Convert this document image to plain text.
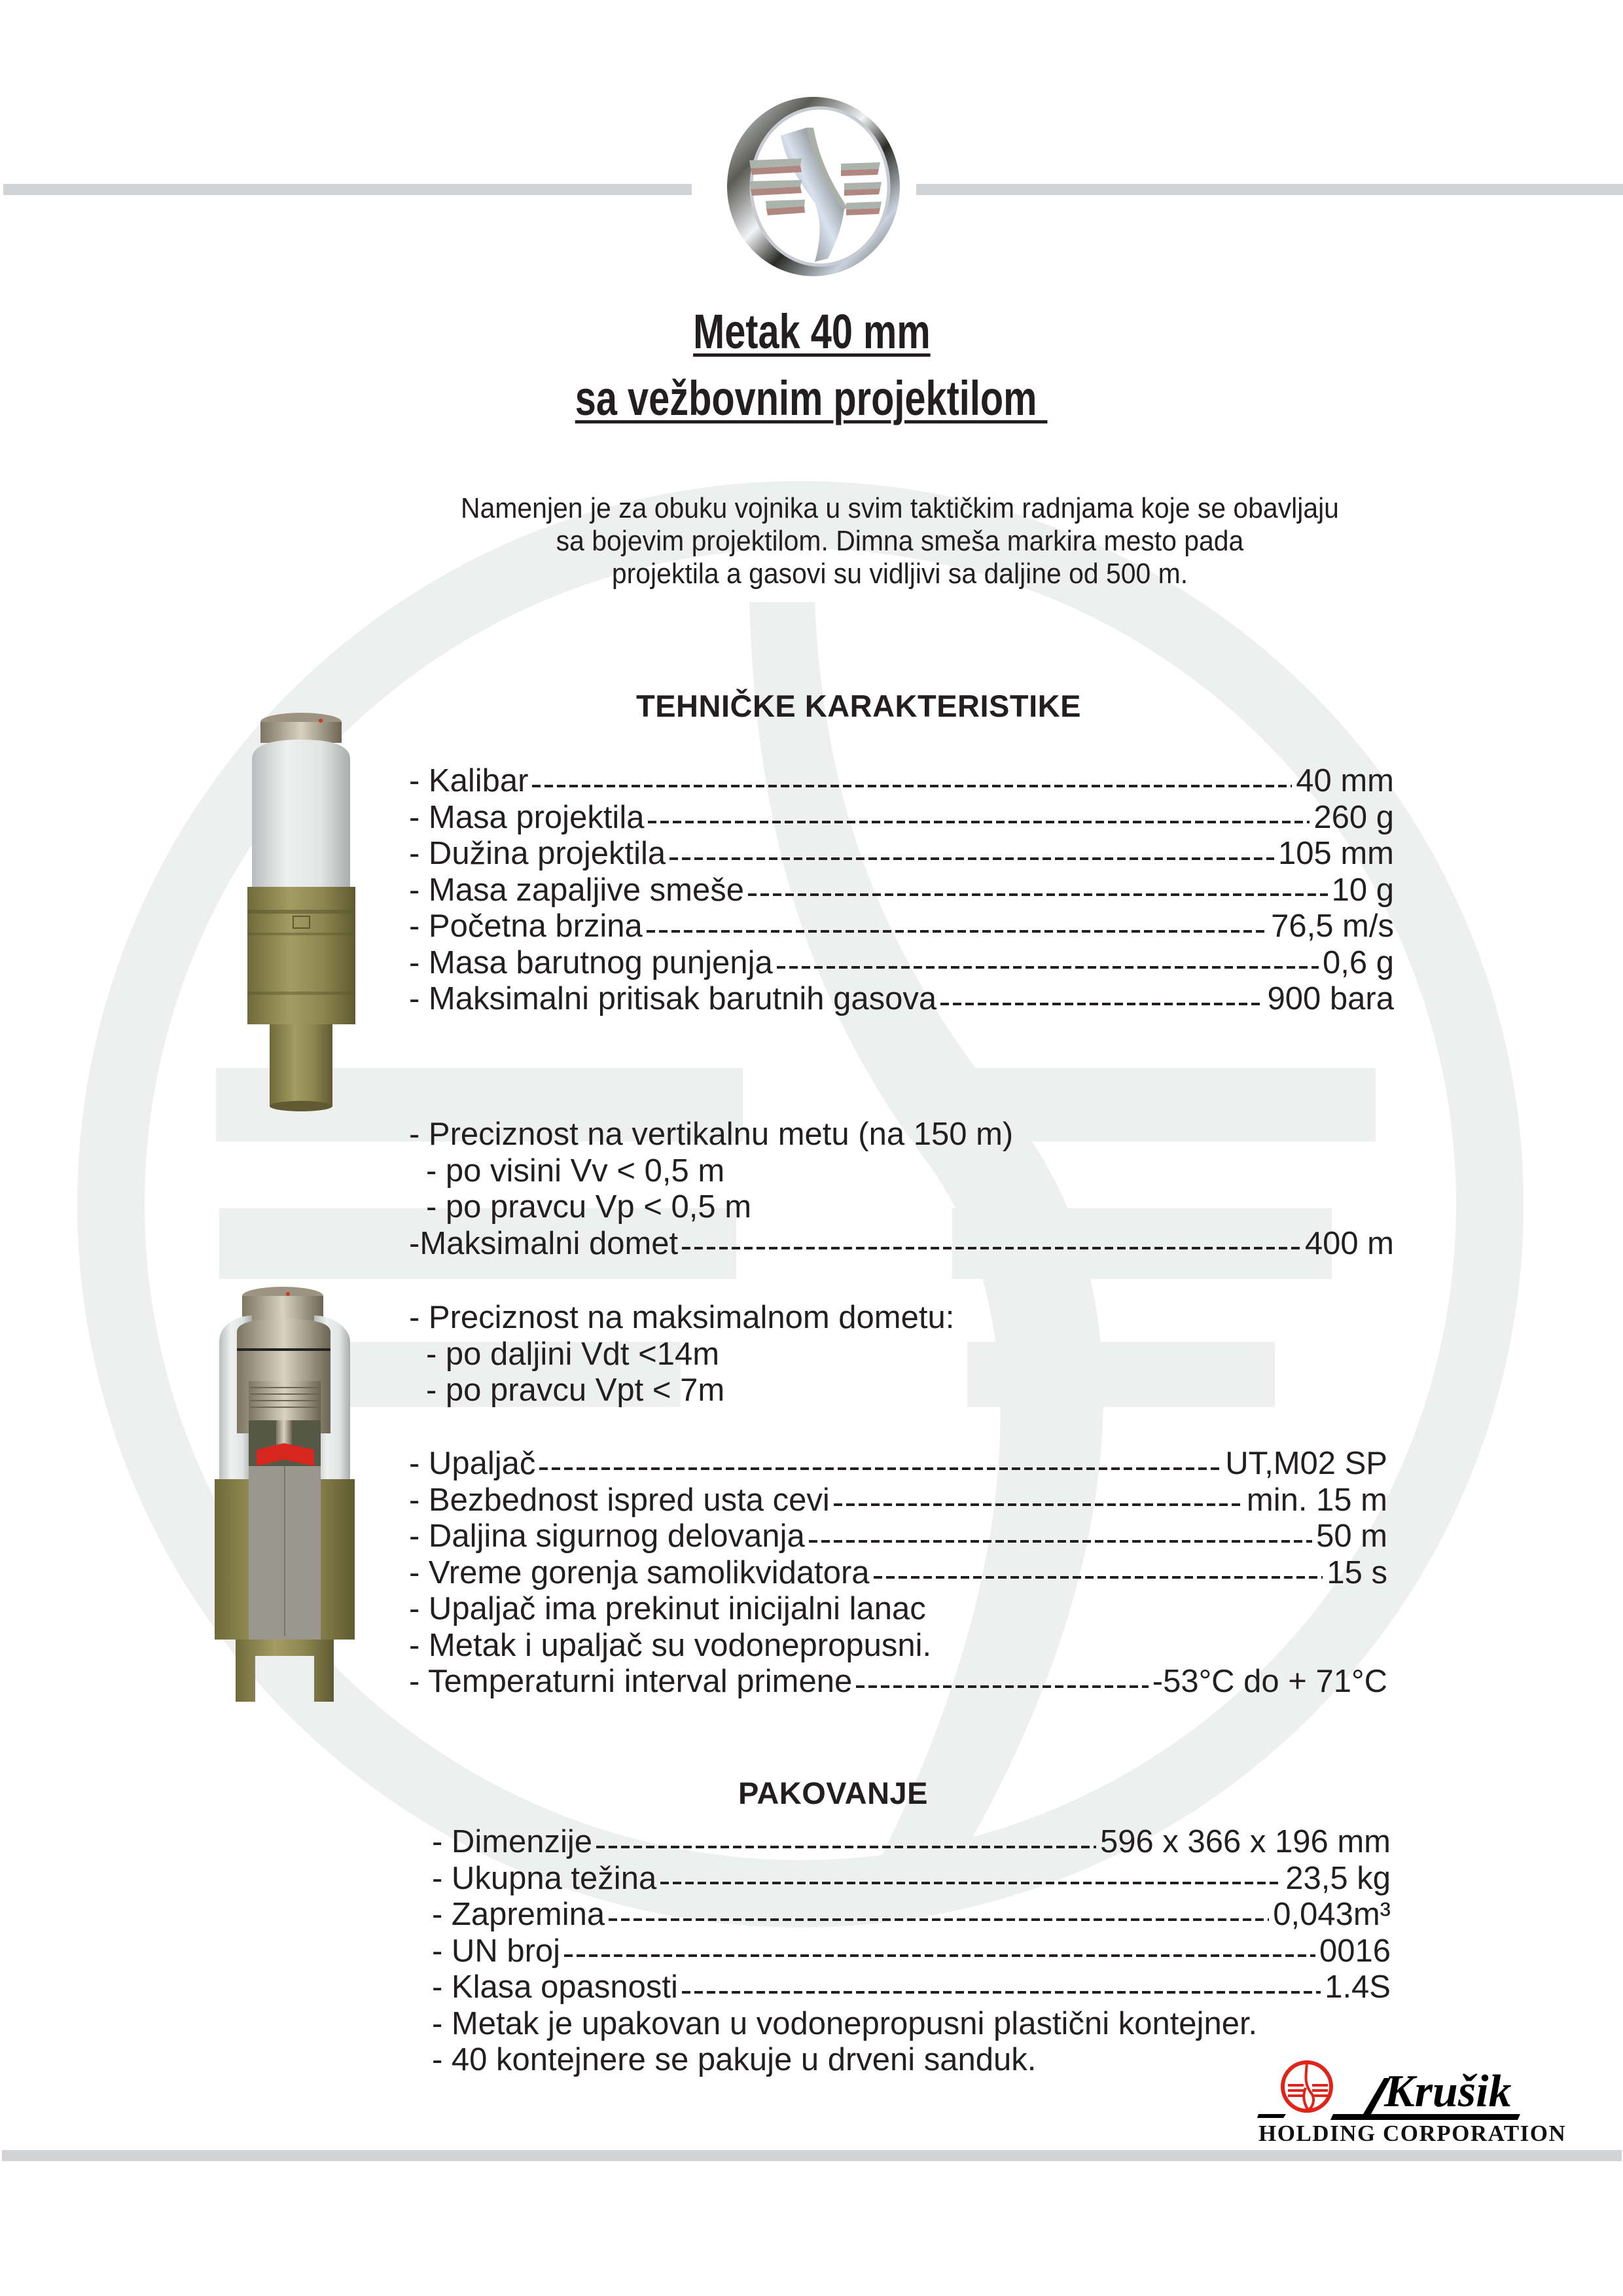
Metak 40 mm
sa vežbovnim projektilom
Namenjen je za obuku vojnika u svim taktičkim radnjama koje se obavljaju
sa bojevim projektilom. Dimna smeša markira mesto pada
projektila a gasovi su vidljivi sa daljine od 500 m.
TEHNIČKE KARAKTERISTIKE
- Kalibar	40 mm
- Masa projektila	260 g
- Dužina projektila	105 mm
- Masa zapaljive smeše	10 g
- Početna brzina	76,5 m/s
- Masa barutnog punjenja	0,6 g
- Maksimalni pritisak barutnih gasova	900 bara
- Preciznost na vertikalnu metu (na 150 m)
- po visini Vv < 0,5 m
- po pravcu Vp < 0,5 m
-Maksimalni domet	400 m
- Preciznost na maksimalnom dometu:
- po daljini Vdt <14m
- po pravcu Vpt < 7m
- Upaljač	UT,M02 SP
- Bezbednost ispred usta cevi	min. 15 m
- Daljina sigurnog delovanja	50 m
- Vreme gorenja samolikvidatora	15 s
- Upaljač ima prekinut inicijalni lanac
- Metak i upaljač su vodonepropusni.
- Temperaturni interval primene	-53°C do + 71°C
PAKOVANJE
- Dimenzije	596 x 366 x 196 mm
- Ukupna težina	23,5 kg
- Zapremina	0,043m³
- UN broj	0016
- Klasa opasnosti	1.4S
- Metak je upakovan u vodonepropusni plastični kontejner.
- 40 kontejnere se pakuje u drveni sanduk.
Krušik
HOLDING CORPORATION
